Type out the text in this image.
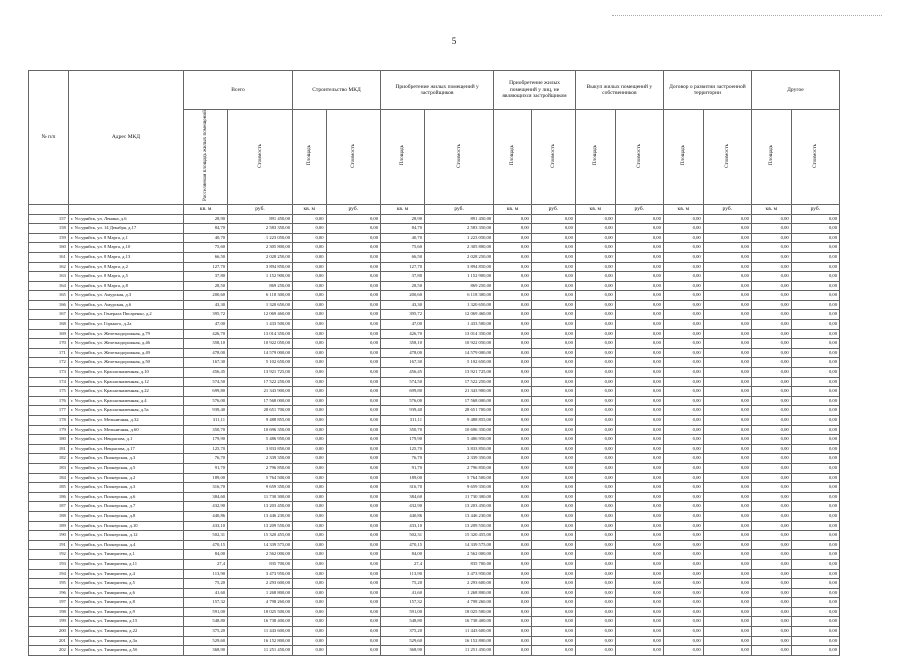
5
№ п/п	Адрес МКД	Всего		Строительство МКД		Приобретение жилых помещений у застройщиков		Приобретение жилых помещений у лиц, не являющихся застройщиком		Выкуп жилых помещений у собственников		Договор о развитии застроенной территории		Другое	
		Расселяемая площадь жилых помещений	Стоимость	Площадь	Стоимость	Площадь	Стоимость	Площадь	Стоимость	Площадь	Стоимость	Площадь	Стоимость	Площадь	Стоимость
		кв. м	руб.	кв. м	руб.	кв. м	руб.	кв. м	руб.	кв. м	руб.	кв. м	руб.	кв. м	руб.
157	г. Уссурийск, ул. Ленина, д.6	28,90	891 450,00	0,00	0,00	28,90	891 450,00	0,00	0,00	0,00	0,00	0,00	0,00	0,00	0,00
158	г. Уссурийск, ул. 14 Декабря, д.17	84,70	2 583 350,00	0,00	0,00	84,70	2 583 350,00	0,00	0,00	0,00	0,00	0,00	0,00	0,00	0,00
159	г. Уссурийск, ул. 8 Марта, д.1	40,70	1 223 050,00	0,00	0,00	40,70	1 223 050,00	0,00	0,00	0,00	0,00	0,00	0,00	0,00	0,00
160	г. Уссурийск, ул. 8 Марта, д.10	75,60	2 305 800,00	0,00	0,00	75,60	2 305 800,00	0,00	0,00	0,00	0,00	0,00	0,00	0,00	0,00
161	г. Уссурийск, ул. 8 Марта, д.13	66,50	2 028 250,00	0,00	0,00	66,50	2 028 250,00	0,00	0,00	0,00	0,00	0,00	0,00	0,00	0,00
162	г. Уссурийск, ул. 8 Марта, д.2	127,70	3 894 850,00	0,00	0,00	127,70	3 894 850,00	0,00	0,00	0,00	0,00	0,00	0,00	0,00	0,00
163	г. Уссурийск, ул. 8 Марта, д.5	37,80	1 152 900,00	0,00	0,00	37,80	1 152 900,00	0,00	0,00	0,00	0,00	0,00	0,00	0,00	0,00
164	г. Уссурийск, ул. 8 Марта, д.8	28,50	869 250,00	0,00	0,00	28,50	869 250,00	0,00	0,00	0,00	0,00	0,00	0,00	0,00	0,00
165	г. Уссурийск, ул. Амурская, д.3	200,60	6 118 300,00	0,00	0,00	200,60	6 118 300,00	0,00	0,00	0,00	0,00	0,00	0,00	0,00	0,00
166	г. Уссурийск, ул. Амурская, д.6	43,30	1 320 650,00	0,00	0,00	43,30	1 320 650,00	0,00	0,00	0,00	0,00	0,00	0,00	0,00	0,00
167	г. Уссурийск, ул. Генерала Писаренко, д.2	395,72	12 069 460,00	0,00	0,00	395,72	12 069 460,00	0,00	0,00	0,00	0,00	0,00	0,00	0,00	0,00
168	г. Уссурийск, ул. Горького, д.2а	47,00	1 433 500,00	0,00	0,00	47,00	1 433 500,00	0,00	0,00	0,00	0,00	0,00	0,00	0,00	0,00
169	г. Уссурийск, ул. Железнодорожная, д.79	426,70	13 014 350,00	0,00	0,00	426,70	13 014 350,00	0,00	0,00	0,00	0,00	0,00	0,00	0,00	0,00
170	г. Уссурийск, ул. Железнодорожная, д.46	358,10	10 922 050,00	0,00	0,00	358,10	10 922 050,00	0,00	0,00	0,00	0,00	0,00	0,00	0,00	0,00
171	г. Уссурийск, ул. Железнодорожная, д.49	478,00	14 579 000,00	0,00	0,00	478,00	14 579 000,00	0,00	0,00	0,00	0,00	0,00	0,00	0,00	0,00
172	г. Уссурийск, ул. Железнодорожная, д.50	167,30	5 102 650,00	0,00	0,00	167,30	5 102 650,00	0,00	0,00	0,00	0,00	0,00	0,00	0,00	0,00
173	г. Уссурийск, ул. Краснознаменная, д.10	456,45	13 921 725,00	0,00	0,00	456,45	13 921 725,00	0,00	0,00	0,00	0,00	0,00	0,00	0,00	0,00
174	г. Уссурийск, ул. Краснознаменная, д.12	574,50	17 522 250,00	0,00	0,00	574,50	17 522 250,00	0,00	0,00	0,00	0,00	0,00	0,00	0,00	0,00
175	г. Уссурийск, ул. Краснознаменная, д.22	699,80	21 343 900,00	0,00	0,00	699,80	21 343 900,00	0,00	0,00	0,00	0,00	0,00	0,00	0,00	0,00
176	г. Уссурийск, ул. Краснознаменная, д.4	576,00	17 568 000,00	0,00	0,00	576,00	17 568 000,00	0,00	0,00	0,00	0,00	0,00	0,00	0,00	0,00
177	г. Уссурийск, ул. Краснознаменная, д.5а	939,40	28 651 700,00	0,00	0,00	939,40	28 651 700,00	0,00	0,00	0,00	0,00	0,00	0,00	0,00	0,00
178	г. Уссурийск, ул. Мельничная, д.32	311,11	9 488 855,00	0,00	0,00	311,11	9 488 855,00	0,00	0,00	0,00	0,00	0,00	0,00	0,00	0,00
179	г. Уссурийск, ул. Мельничная, д.60	350,70	10 696 350,00	0,00	0,00	350,70	10 696 350,00	0,00	0,00	0,00	0,00	0,00	0,00	0,00	0,00
180	г. Уссурийск, ул. Некрасова, д.1	179,90	5 486 950,00	0,00	0,00	179,90	5 486 950,00	0,00	0,00	0,00	0,00	0,00	0,00	0,00	0,00
181	г. Уссурийск, ул. Некрасова, д.17	125,70	3 833 850,00	0,00	0,00	125,70	3 833 850,00	0,00	0,00	0,00	0,00	0,00	0,00	0,00	0,00
182	г. Уссурийск, ул. Пионерская, д.3	76,70	2 339 350,00	0,00	0,00	76,70	2 339 350,00	0,00	0,00	0,00	0,00	0,00	0,00	0,00	0,00
183	г. Уссурийск, ул. Пионерская, д.5	91,70	2 796 850,00	0,00	0,00	91,70	2 796 850,00	0,00	0,00	0,00	0,00	0,00	0,00	0,00	0,00
184	г. Уссурийск, ул. Пионерская, д.2	189,00	5 764 500,00	0,00	0,00	189,00	5 764 500,00	0,00	0,00	0,00	0,00	0,00	0,00	0,00	0,00
185	г. Уссурийск, ул. Пионерская, д.3	316,70	9 659 350,00	0,00	0,00	316,70	9 659 350,00	0,00	0,00	0,00	0,00	0,00	0,00	0,00	0,00
186	г. Уссурийск, ул. Пионерская, д.6	384,60	11 730 300,00	0,00	0,00	384,60	11 730 300,00	0,00	0,00	0,00	0,00	0,00	0,00	0,00	0,00
187	г. Уссурийск, ул. Пионерская, д.7	432,90	13 203 450,00	0,00	0,00	432,90	13 203 450,00	0,00	0,00	0,00	0,00	0,00	0,00	0,00	0,00
188	г. Уссурийск, ул. Пионерская, д.8	440,86	13 446 230,00	0,00	0,00	440,86	13 446 230,00	0,00	0,00	0,00	0,00	0,00	0,00	0,00	0,00
189	г. Уссурийск, ул. Пионерская, д.10	433,10	13 209 550,00	0,00	0,00	433,10	13 209 550,00	0,00	0,00	0,00	0,00	0,00	0,00	0,00	0,00
190	г. Уссурийск, ул. Пионерская, д.12	502,31	15 320 455,00	0,00	0,00	502,31	15 320 455,00	0,00	0,00	0,00	0,00	0,00	0,00	0,00	0,00
191	г. Уссурийск, ул. Пионерская, д.4	470,15	14 339 575,00	0,00	0,00	470,15	14 339 575,00	0,00	0,00	0,00	0,00	0,00	0,00	0,00	0,00
192	г. Уссурийск, ул. Тимирязева, д.1	84,00	2 562 000,00	0,00	0,00	84,00	2 562 000,00	0,00	0,00	0,00	0,00	0,00	0,00	0,00	0,00
193	г. Уссурийск, ул. Тимирязева, д.11	27,4	835 700,00	0,00	0,00	27,4	835 700,00	0,00	0,00	0,00	0,00	0,00	0,00	0,00	0,00
194	г. Уссурийск, ул. Тимирязева, д.4	113,90	3 473 950,00	0,00	0,00	113,90	3 473 950,00	0,00	0,00	0,00	0,00	0,00	0,00	0,00	0,00
195	г. Уссурийск, ул. Тимирязева, д.5	75,20	2 293 600,00	0,00	0,00	75,20	2 293 600,00	0,00	0,00	0,00	0,00	0,00	0,00	0,00	0,00
196	г. Уссурийск, ул. Тимирязева, д.6	41,60	1 268 800,00	0,00	0,00	41,60	1 268 800,00	0,00	0,00	0,00	0,00	0,00	0,00	0,00	0,00
197	г. Уссурийск, ул. Тимирязева, д.8	157,32	4 798 260,00	0,00	0,00	157,32	4 798 260,00	0,00	0,00	0,00	0,00	0,00	0,00	0,00	0,00
198	г. Уссурийск, ул. Тимирязева, д.9	591,00	18 025 500,00	0,00	0,00	591,00	18 025 500,00	0,00	0,00	0,00	0,00	0,00	0,00	0,00	0,00
199	г. Уссурийск, ул. Тимирязева, д.15	548,80	16 738 400,00	0,00	0,00	548,80	16 738 400,00	0,00	0,00	0,00	0,00	0,00	0,00	0,00	0,00
200	г. Уссурийск, ул. Тимирязева, д.22	375,20	11 443 600,00	0,00	0,00	375,20	11 443 600,00	0,00	0,00	0,00	0,00	0,00	0,00	0,00	0,00
201	г. Уссурийск, ул. Тимирязева, д.3а	529,60	16 152 800,00	0,00	0,00	529,60	16 152 800,00	0,00	0,00	0,00	0,00	0,00	0,00	0,00	0,00
202	г. Уссурийск, ул. Тимирязева, д.5б	368,90	11 251 450,00	0,00	0,00	368,90	11 251 450,00	0,00	0,00	0,00	0,00	0,00	0,00	0,00	0,00
